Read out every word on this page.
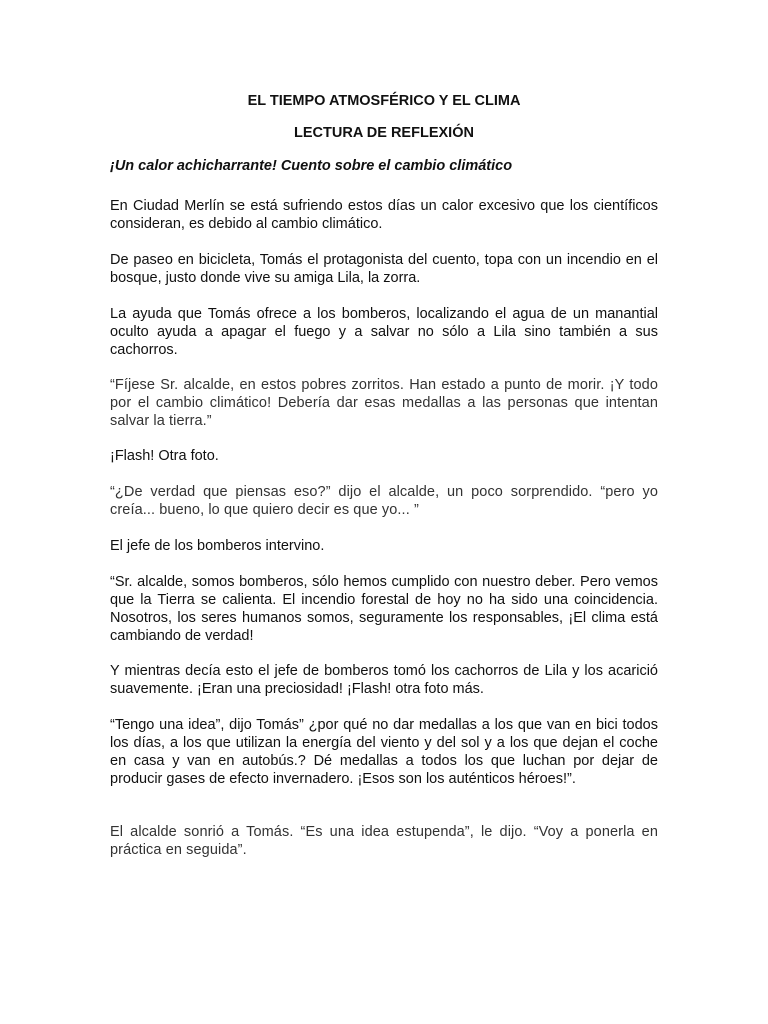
EL TIEMPO ATMOSFÉRICO Y EL CLIMA
LECTURA DE REFLEXIÓN
¡Un calor achicharrante! Cuento sobre el cambio climático

En Ciudad Merlín se está sufriendo estos días un calor excesivo que los científicos consideran, es debido al cambio climático.

De paseo en bicicleta, Tomás el protagonista del cuento, topa con un incendio en el bosque, justo donde vive su amiga Lila, la zorra.

La ayuda que Tomás ofrece a los bomberos, localizando el agua de un manantial oculto ayuda a apagar el fuego y a salvar no sólo a Lila sino también a sus cachorros.

“Fíjese Sr. alcalde, en estos pobres zorritos. Han estado a punto de morir. ¡Y todo por el cambio climático! Debería dar esas medallas a las personas que intentan salvar la tierra.”

¡Flash! Otra foto.

“¿De verdad que piensas eso?” dijo el alcalde, un poco sorprendido. “pero yo creía... bueno, lo que quiero decir es que yo... ”

El jefe de los bomberos intervino.

“Sr. alcalde, somos bomberos, sólo hemos cumplido con nuestro deber. Pero vemos que la Tierra se calienta. El incendio forestal de hoy no ha sido una coincidencia. Nosotros, los seres humanos somos, seguramente los responsables, ¡El clima está cambiando de verdad!

Y mientras decía esto el jefe de bomberos tomó los cachorros de Lila y los acarició suavemente. ¡Eran una preciosidad! ¡Flash! otra foto más.

“Tengo una idea”, dijo Tomás” ¿por qué no dar medallas a los que van en bici todos los días, a los que utilizan la energía del viento y del sol y a los que dejan el coche en casa y van en autobús.? Dé medallas a todos los que luchan por dejar de producir gases de efecto invernadero. ¡Esos son los auténticos héroes!”.

El alcalde sonrió a Tomás. “Es una idea estupenda”, le dijo. “Voy a ponerla en práctica en seguida”.
